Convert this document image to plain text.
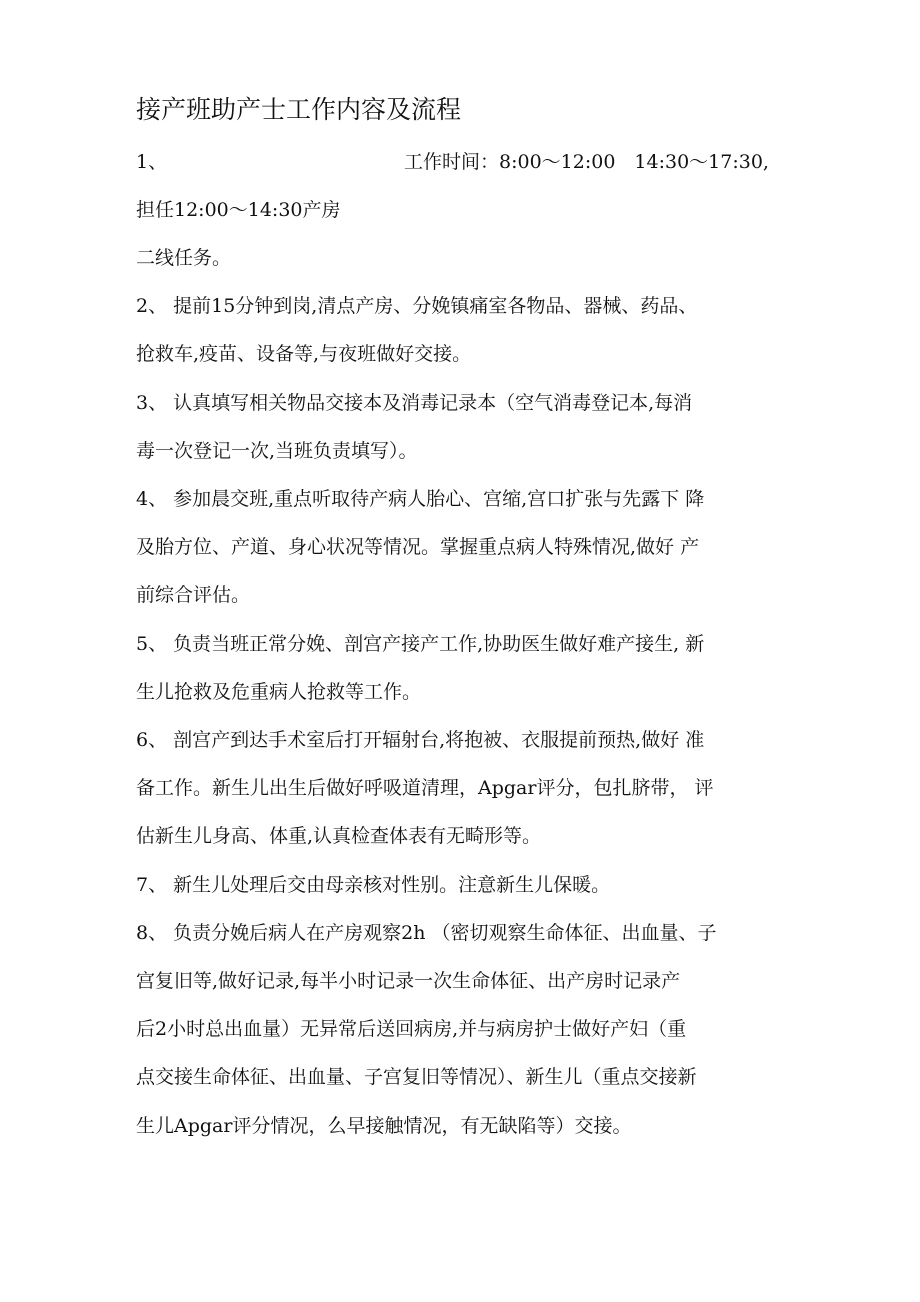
接产班助产士工作内容及流程
1、	工作时间：8:00〜12:00　14:30〜17:30,
担任12:00〜14:30产房
二线任务。
2、 提前15分钟到岗,清点产房、分娩镇痛室各物品、器械、药品、
抢救车,疫苗、设备等,与夜班做好交接。
3、 认真填写相关物品交接本及消毒记录本（空气消毒登记本,每消
毒一次登记一次,当班负责填写）。
4、 参加晨交班,重点听取待产病人胎心、宫缩,宫口扩张与先露下 降
及胎方位、产道、身心状况等情况。掌握重点病人特殊情况,做好 产
前综合评估。
5、 负责当班正常分娩、剖宫产接产工作,协助医生做好难产接生, 新
生儿抢救及危重病人抢救等工作。
6、 剖宫产到达手术室后打开辐射台,将抱被、衣服提前预热,做好 准
备工作。新生儿出生后做好呼吸道清理，Apgar评分，包扎脐带， 评
估新生儿身高、体重,认真检查体表有无畸形等。
7、 新生儿处理后交由母亲核对性别。注意新生儿保暖。
8、 负责分娩后病人在产房观察2h （密切观察生命体征、出血量、子
宫复旧等,做好记录,每半小时记录一次生命体征、出产房时记录产
后2小时总出血量）无异常后送回病房,并与病房护士做好产妇（重
点交接生命体征、出血量、子宫复旧等情况）、新生儿（重点交接新
生儿Apgar评分情况，么早接触情况，有无缺陷等）交接。
